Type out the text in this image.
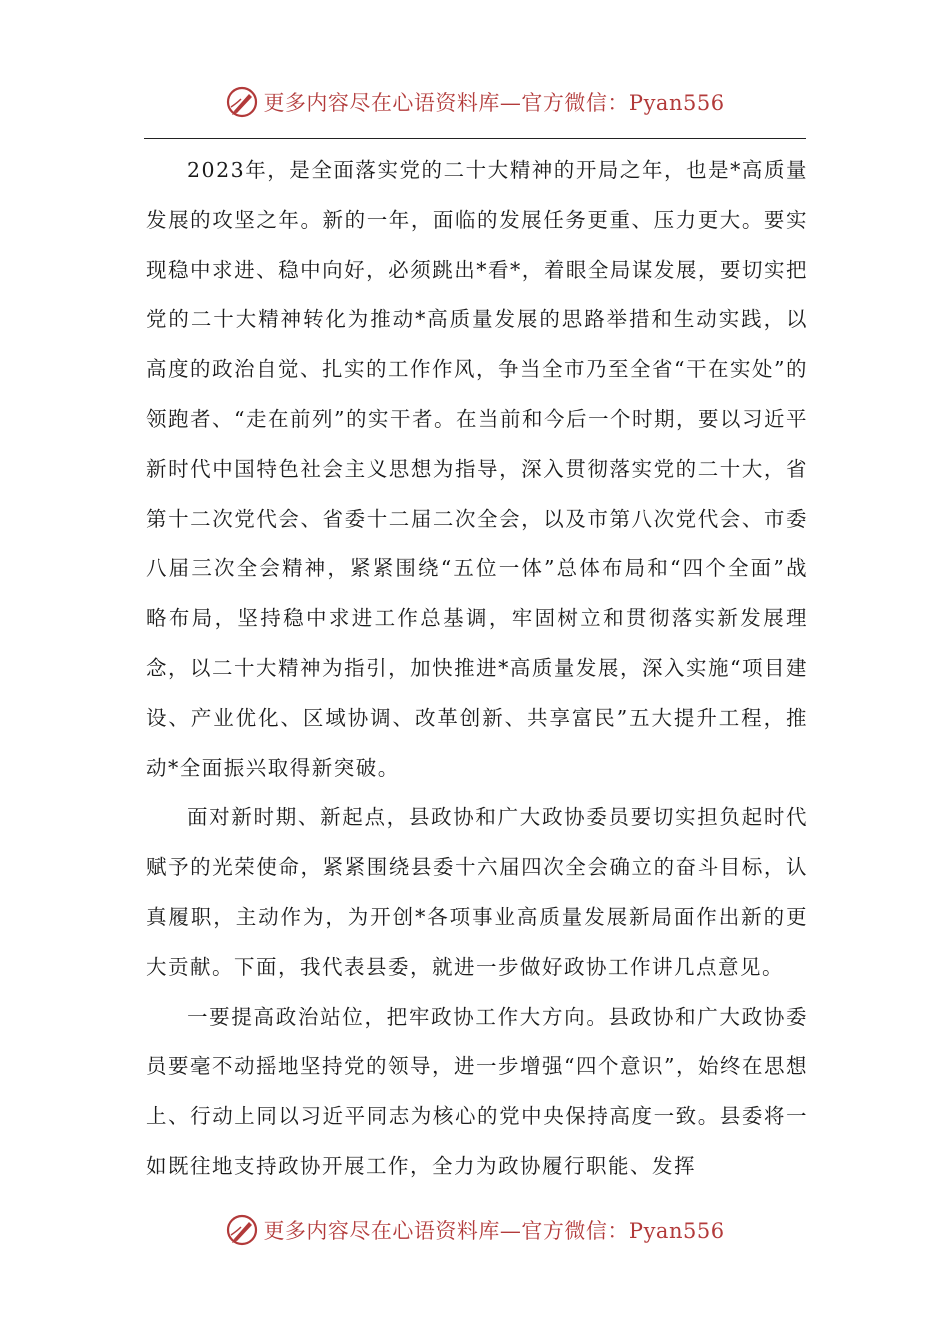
更多内容尽在心语资料库—官方微信：Pyan556

2023年，是全面落实党的二十大精神的开局之年，也是*高质量发展的攻坚之年。新的一年，面临的发展任务更重、压力更大。要实现稳中求进、稳中向好，必须跳出*看*，着眼全局谋发展，要切实把党的二十大精神转化为推动*高质量发展的思路举措和生动实践，以高度的政治自觉、扎实的工作作风，争当全市乃至全省“干在实处”的领跑者、“走在前列”的实干者。在当前和今后一个时期，要以习近平新时代中国特色社会主义思想为指导，深入贯彻落实党的二十大，省第十二次党代会、省委十二届二次全会，以及市第八次党代会、市委八届三次全会精神，紧紧围绕“五位一体”总体布局和“四个全面”战略布局，坚持稳中求进工作总基调，牢固树立和贯彻落实新发展理念，以二十大精神为指引，加快推进*高质量发展，深入实施“项目建设、产业优化、区域协调、改革创新、共享富民”五大提升工程，推动*全面振兴取得新突破。

面对新时期、新起点，县政协和广大政协委员要切实担负起时代赋予的光荣使命，紧紧围绕县委十六届四次全会确立的奋斗目标，认真履职，主动作为，为开创*各项事业高质量发展新局面作出新的更大贡献。下面，我代表县委，就进一步做好政协工作讲几点意见。

一要提高政治站位，把牢政协工作大方向。县政协和广大政协委员要毫不动摇地坚持党的领导，进一步增强“四个意识”，始终在思想上、行动上同以习近平同志为核心的党中央保持高度一致。县委将一如既往地支持政协开展工作，全力为政协履行职能、发挥

更多内容尽在心语资料库—官方微信：Pyan556
